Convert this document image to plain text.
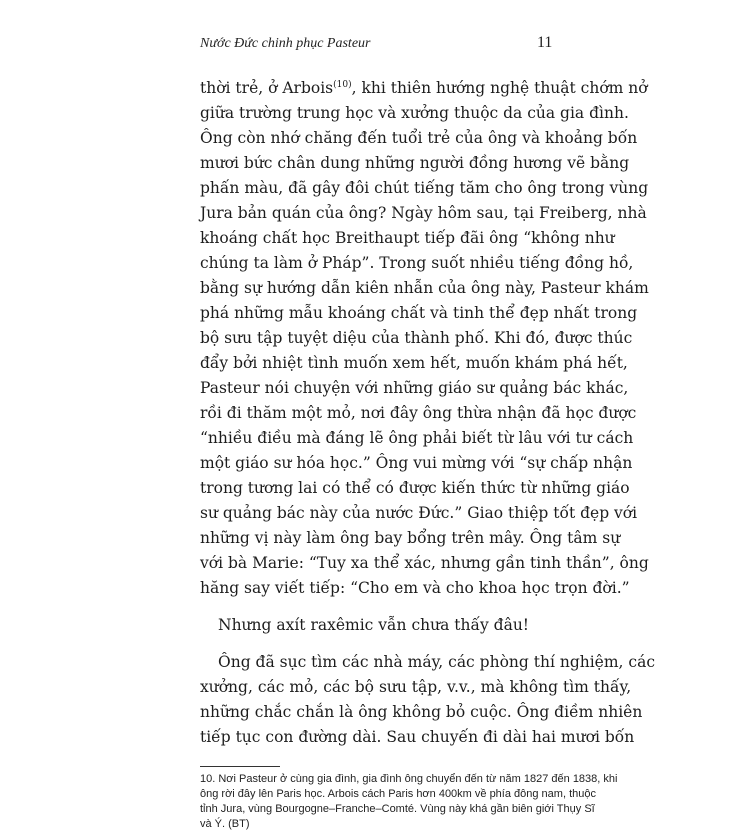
Nước Đức chinh phục Pasteur	11
thời trẻ, ở Arbois$^{(10)}$, khi thiên hướng nghệ thuật chớm nở
giữa trường trung học và xưởng thuộc da của gia đình.
Ông còn nhớ chăng đến tuổi trẻ của ông và khoảng bốn
mươi bức chân dung những người đồng hương vẽ bằng
phấn màu, đã gây đôi chút tiếng tăm cho ông trong vùng
Jura bản quán của ông? Ngày hôm sau, tại Freiberg, nhà
khoáng chất học Breithaupt tiếp đãi ông “không như
chúng ta làm ở Pháp”. Trong suốt nhiều tiếng đồng hồ,
bằng sự hướng dẫn kiên nhẫn của ông này, Pasteur khám
phá những mẫu khoáng chất và tinh thể đẹp nhất trong
bộ sưu tập tuyệt diệu của thành phố. Khi đó, được thúc
đẩy bởi nhiệt tình muốn xem hết, muốn khám phá hết,
Pasteur nói chuyện với những giáo sư quảng bác khác,
rồi đi thăm một mỏ, nơi đây ông thừa nhận đã học được
“nhiều điều mà đáng lẽ ông phải biết từ lâu với tư cách
một giáo sư hóa học.” Ông vui mừng với “sự chấp nhận
trong tương lai có thể có được kiến thức từ những giáo
sư quảng bác này của nước Đức.” Giao thiệp tốt đẹp với
những vị này làm ông bay bổng trên mây. Ông tâm sự
với bà Marie: “Tuy xa thể xác, nhưng gần tinh thần”, ông
hăng say viết tiếp: “Cho em và cho khoa học trọn đời.”
Nhưng axít raxêmic vẫn chưa thấy đâu!
Ông đã sục tìm các nhà máy, các phòng thí nghiệm, các
xưởng, các mỏ, các bộ sưu tập, v.v., mà không tìm thấy,
những chắc chắn là ông không bỏ cuộc. Ông điềm nhiên
tiếp tục con đường dài. Sau chuyến đi dài hai mươi bốn
10. Nơi Pasteur ở cùng gia đình, gia đình ông chuyển đến từ năm 1827 đến 1838, khi
ông rời đây lên Paris học. Arbois cách Paris hơn 400km về phía đông nam, thuộc
tỉnh Jura, vùng Bourgogne–Franche–Comté. Vùng này khá gần biên giới Thụy Sĩ
và Ý. (BT)
